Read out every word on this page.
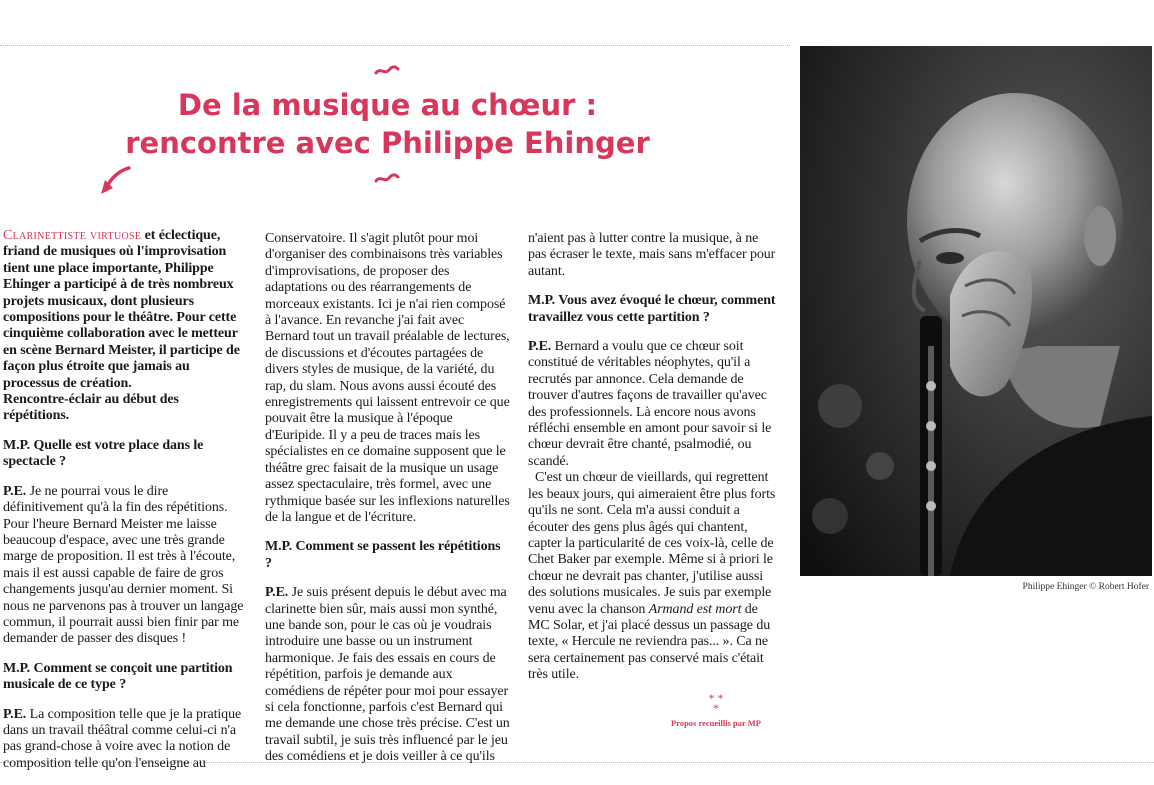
De la musique au chœur :
rencontre avec Philippe Ehinger

Clarinettiste virtuose et éclectique, friand de musiques où l'improvisation tient une place importante, Philippe Ehinger a participé à de très nombreux projets musicaux, dont plusieurs compositions pour le théâtre. Pour cette cinquième collaboration avec le metteur en scène Bernard Meister, il participe de façon plus étroite que jamais au processus de création.

Rencontre-éclair au début des répétitions.

M.P. Quelle est votre place dans le spectacle ?

P.E. Je ne pourrai vous le dire définitivement qu'à la fin des répétitions. Pour l'heure Bernard Meister me laisse beaucoup d'espace, avec une très grande marge de proposition. Il est très à l'écoute, mais il est aussi capable de faire de gros changements jusqu'au dernier moment. Si nous ne parvenons pas à trouver un langage commun, il pourrait aussi bien finir par me demander de passer des disques !

M.P. Comment se conçoit une partition musicale de ce type ?

P.E. La composition telle que je la pratique dans un travail théâtral comme celui-ci n'a pas grand-chose à voire avec la notion de composition telle qu'on l'enseigne au

Conservatoire. Il s'agit plutôt pour moi d'organiser des combinaisons très variables d'improvisations, de proposer des adaptations ou des réarrangements de morceaux existants. Ici je n'ai rien composé à l'avance. En revanche j'ai fait avec Bernard tout un travail préalable de lectures, de discussions et d'écoutes partagées de divers styles de musique, de la variété, du rap, du slam. Nous avons aussi écouté des enregistrements qui laissent entrevoir ce que pouvait être la musique à l'époque d'Euripide. Il y a peu de traces mais les spécialistes en ce domaine supposent que le théâtre grec faisait de la musique un usage assez spectaculaire, très formel, avec une rythmique basée sur les inflexions naturelles de la langue et de l'écriture.

M.P. Comment se passent les répétitions ?

P.E. Je suis présent depuis le début avec ma clarinette bien sûr, mais aussi mon synthé, une bande son, pour le cas où je voudrais introduire une basse ou un instrument harmonique. Je fais des essais en cours de répétition, parfois je demande aux comédiens de répéter pour moi pour essayer si cela fonctionne, parfois c'est Bernard qui me demande une chose très précise. C'est un travail subtil, je suis très influencé par le jeu des comédiens et je dois veiller à ce qu'ils

n'aient pas à lutter contre la musique, à ne pas écraser le texte, mais sans m'effacer pour autant.

M.P. Vous avez évoqué le chœur, comment travaillez vous cette partition ?

P.E. Bernard a voulu que ce chœur soit constitué de véritables néophytes, qu'il a recrutés par annonce. Cela demande de trouver d'autres façons de travailler qu'avec des professionnels. Là encore nous avons réfléchi ensemble en amont pour savoir si le chœur devrait être chanté, psalmodié, ou scandé.

C'est un chœur de vieillards, qui regrettent les beaux jours, qui aimeraient être plus forts qu'ils ne sont. Cela m'a aussi conduit a écouter des gens plus âgés qui chantent, capter la particularité de ces voix-là, celle de Chet Baker par exemple. Même si à priori le chœur ne devrait pas chanter, j'utilise aussi des solutions musicales. Je suis par exemple venu avec la chanson Armand est mort de MC Solar, et j'ai placé dessus un passage du texte, « Hercule ne reviendra pas... ». Ca ne sera certainement pas conservé mais c'était très utile.

Philippe Ehinger © Robert Hofer
* *
*
Propos recueillis par MP
